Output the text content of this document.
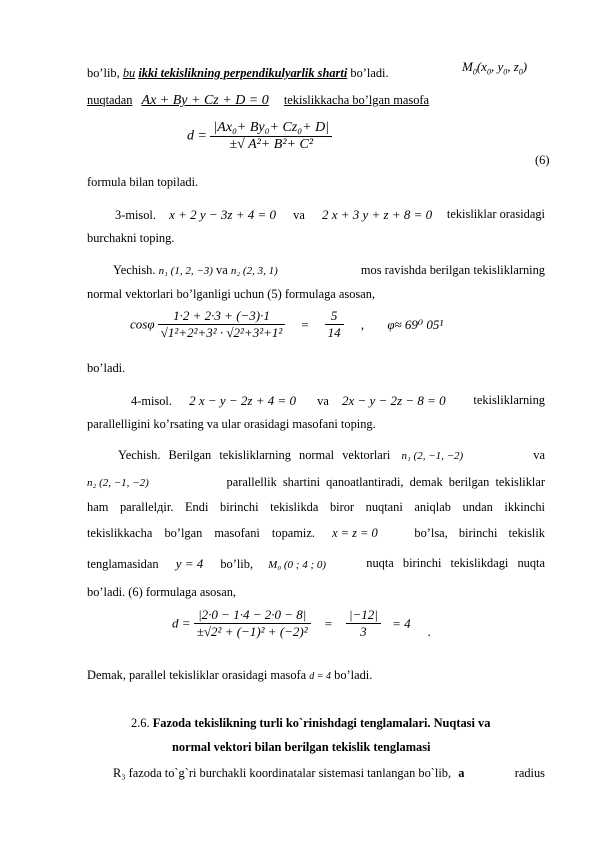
bo’lib, bu ikki tekislikning perpendikulyarlik sharti bo’ladi.	$M_0(x_0$, $y_0$, $z_0$)
nuqtadan Ax + By + Cz + D = 0 tekislikkacha bo’lgan masofa
$d = \frac{\text{|Ax₀+ By₀+ Cz₀+ D|}}{\text{±√ A²+ B²+ C²}}$
(6)
formula bilan topiladi.
3-misol. x + 2 y − 3z + 4 = 0 va 2 x + 3 y + z + 8 = 0 tekisliklar orasidagi
burchakni toping.
Yechish. n₁ (1, 2, −3) va n₂ (2, 3, 1)	mos ravishda berilgan tekisliklarning
normal vektorlari bo’lganligi uchun (5) formulaga asosan,
cosφ $\frac{1\cdot 2 + 2\cdot 3 + (-3)\cdot 1}{\text{√1²+2²+3² · √2²+3²+1²}} = \frac{5}{14}$ , φ≈ 69⁰ 05¹
bo’ladi.
4-misol. 2 x − y − 2z + 4 = 0 va 2x − y − 2z − 8 = 0 tekisliklarning
parallelligini ko’rsating va ular orasidagi masofani toping.
Yechish. Berilgan tekisliklarning normal vektorlari n₁ (2, −1, −2)	va
n₂ (2, −1, −2)	parallellik shartini qanoatlantiradi, demak berilgan tekisliklar
ham parallelдir. Endi birinchi tekislikda biror nuqtani aniqlab undan ikkinchi
tekislikkacha bo’lgan masofani topamiz. x = z = 0	bo’lsa, birinchi tekislik
tenglamasidan y = 4 bo’lib, M₀ (0 ; 4 ; 0)	nuqta birinchi tekislikdagi nuqta
bo’ladi. (6) formulaga asosan,
$d = \frac{|2\cdot 0 - 1\cdot 4 - 2\cdot 0 - 8|}{\text{±√2² + (−1)² + (−2)²}} = \frac{|-12|}{3} = 4$ .
Demak, parallel tekisliklar orasidagi masofa d = 4 bo’ladi.
2.6. Fazoda tekislikning turli ko`rinishdagi tenglamalari. Nuqtasi va
normal vektori bilan berilgan tekislik tenglamasi
R₃ fazoda to`g`ri burchakli koordinatalar sistemasi tanlangan bo`lib, a	radius
